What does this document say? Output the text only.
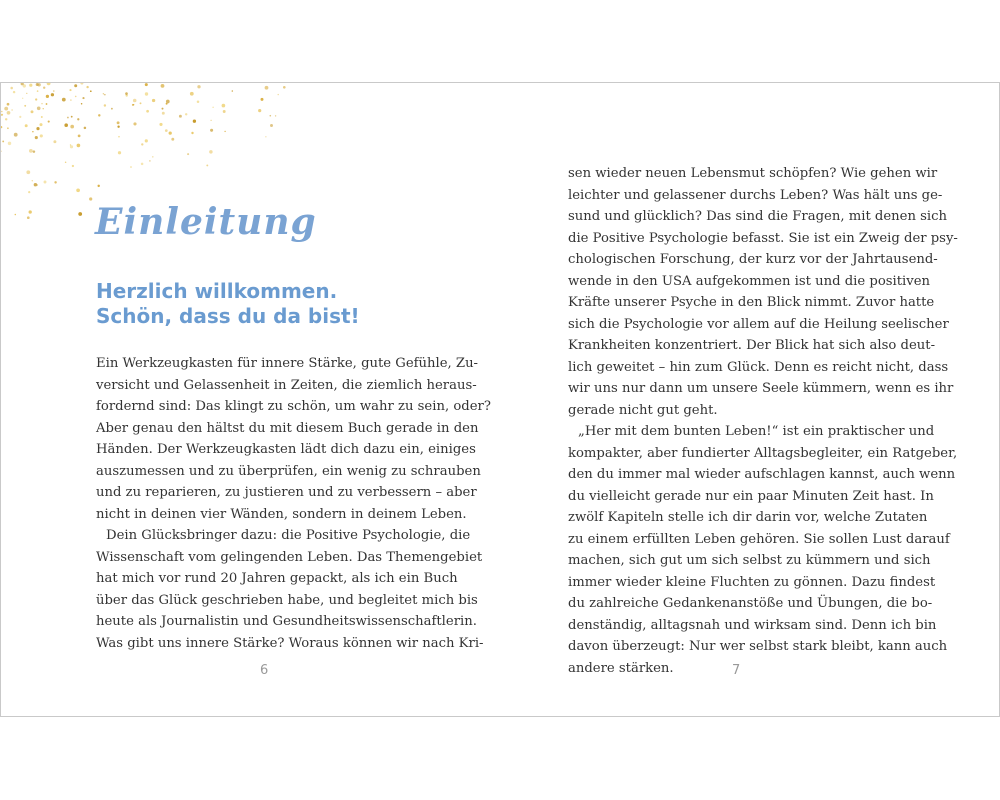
Einleitung
Herzlich willkommen.
Schön, dass du da bist!

Ein Werkzeugkasten für innere Stärke, gute Gefühle, Zu-
versicht und Gelassenheit in Zeiten, die ziemlich heraus-
fordernd sind: Das klingt zu schön, um wahr zu sein, oder?
Aber genau den hältst du mit diesem Buch gerade in den
Händen. Der Werkzeugkasten lädt dich dazu ein, einiges
auszumessen und zu überprüfen, ein wenig zu schrauben
und zu reparieren, zu justieren und zu verbessern – aber
nicht in deinen vier Wänden, sondern in deinem Leben.

Dein Glücksbringer dazu: die Positive Psychologie, die
Wissenschaft vom gelingenden Leben. Das Themengebiet
hat mich vor rund 20 Jahren gepackt, als ich ein Buch
über das Glück geschrieben habe, und begleitet mich bis
heute als Journalistin und Gesundheitswissenschaftlerin.
Was gibt uns innere Stärke? Woraus können wir nach Kri-

6

sen wieder neuen Lebensmut schöpfen? Wie gehen wir
leichter und gelassener durchs Leben? Was hält uns ge-
sund und glücklich? Das sind die Fragen, mit denen sich
die Positive Psychologie befasst. Sie ist ein Zweig der psy-
chologischen Forschung, der kurz vor der Jahrtausend-
wende in den USA aufgekommen ist und die positiven
Kräfte unserer Psyche in den Blick nimmt. Zuvor hatte
sich die Psychologie vor allem auf die Heilung seelischer
Krankheiten konzentriert. Der Blick hat sich also deut-
lich geweitet – hin zum Glück. Denn es reicht nicht, dass
wir uns nur dann um unsere Seele kümmern, wenn es ihr
gerade nicht gut geht.

„Her mit dem bunten Leben!“ ist ein praktischer und
kompakter, aber fundierter Alltagsbegleiter, ein Ratgeber,
den du immer mal wieder aufschlagen kannst, auch wenn
du vielleicht gerade nur ein paar Minuten Zeit hast. In
zwölf Kapiteln stelle ich dir darin vor, welche Zutaten
zu einem erfüllten Leben gehören. Sie sollen Lust darauf
machen, sich gut um sich selbst zu kümmern und sich
immer wieder kleine Fluchten zu gönnen. Dazu findest
du zahlreiche Gedankenanstöße und Übungen, die bo-
denständig, alltagsnah und wirksam sind. Denn ich bin
davon überzeugt: Nur wer selbst stark bleibt, kann auch
andere stärken.	7
